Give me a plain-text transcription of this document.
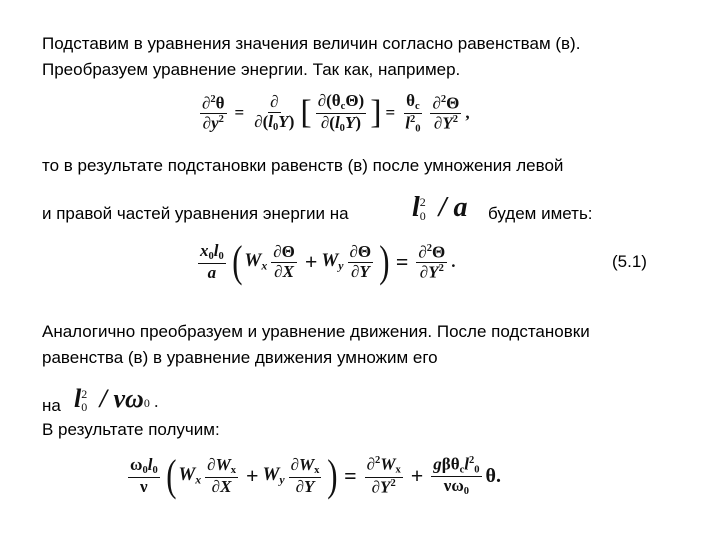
Подставим в уравнения значения величин согласно равенствам (в).
Преобразуем уравнение энергии. Так как, например.
$\frac{\partial^2\theta}{\partial y^2} = \frac{\partial}{\partial(l_0Y)}$ [ $\frac{\partial(\theta_c\Theta)}{\partial(l_0Y)}$ ] = $\frac{\theta_c}{l^2_0} \frac{\partial^2\Theta}{\partial Y^2}$ ,
то в результате подстановки равенств (в) после умножения левой
и правой частей уравнения энергии на l 2
0 / a будем иметь:
(5.1)
$\frac{x_0l_0}{a}$ ( $W_x \frac{\partial\Theta}{\partial X} + W_y \frac{\partial\Theta}{\partial Y}$ ) = $\frac{\partial^2\Theta}{\partial Y^2}$ .
Аналогично преобразуем и уравнение движения. После подстановки
равенства (в) в уравнение движения умножим его
на l 2
0 / νω0 .
В результате получим:
$\frac{\omega_0l_0}{\nu}$ ( $W_x \frac{\partial W_x}{\partial X} + W_y \frac{\partial W_x}{\partial Y}$ ) = $\frac{\partial^2W_x}{\partial Y^2} + \frac{g\beta\theta_cl^2_0}{\nu\omega_0} \theta$.
